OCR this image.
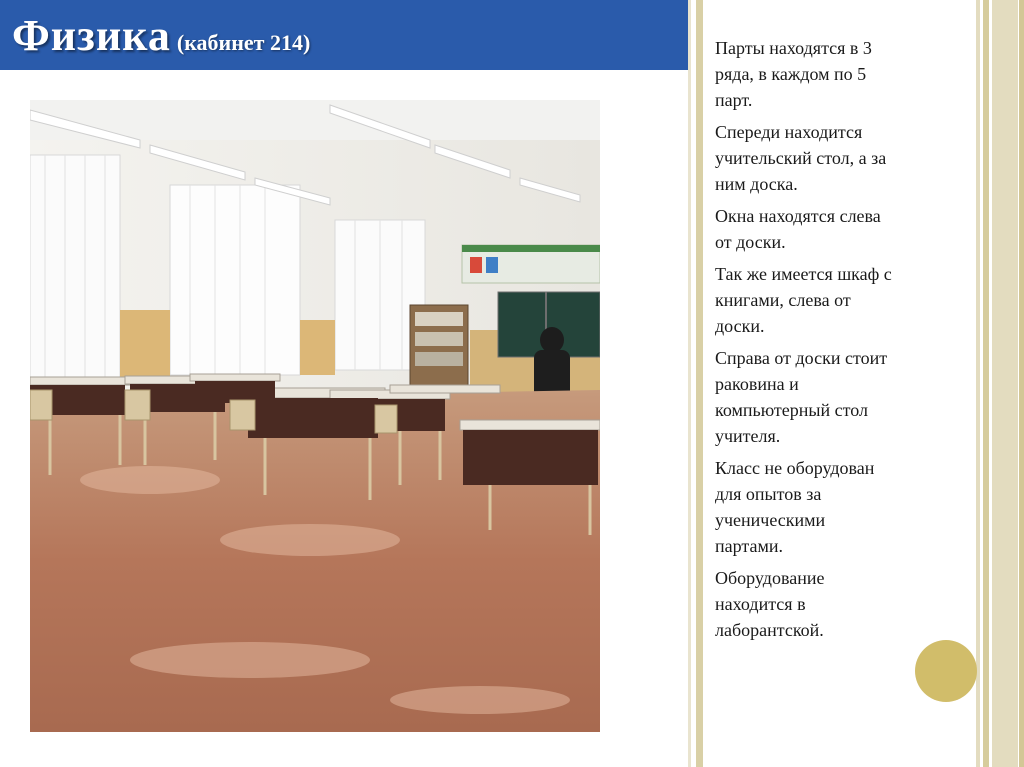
Физика (кабинет 214)	Парты находятся в 3
ряда, в каждом по 5
парт.

Спереди находится
учительский стол, а за
ним доска.

Окна находятся слева
от доски.

Так же имеется шкаф с
книгами, слева от
доски.

Справа от доски стоит
раковина и
компьютерный стол
учителя.

Класс не оборудован
для опытов за
ученическими
партами.

Оборудование
находится в
лаборантской.
